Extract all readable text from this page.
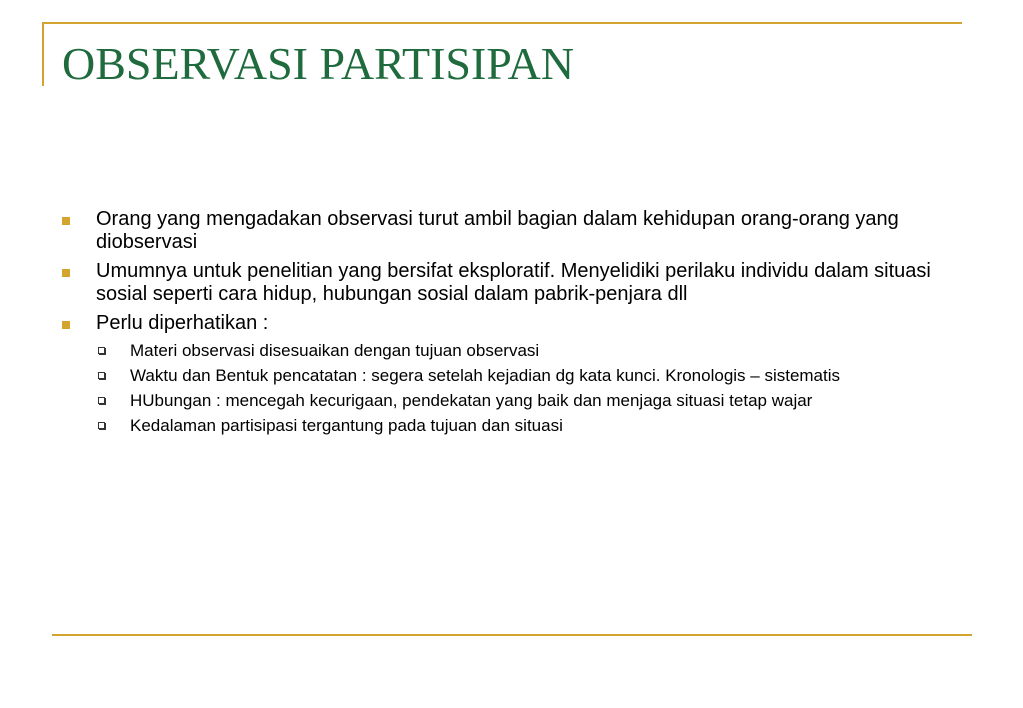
OBSERVASI PARTISIPAN
Orang yang mengadakan observasi turut ambil bagian dalam kehidupan orang-orang yang diobservasi
Umumnya untuk penelitian yang bersifat eksploratif. Menyelidiki perilaku individu dalam situasi sosial seperti cara hidup, hubungan sosial dalam pabrik-penjara dll
Perlu diperhatikan :
Materi observasi disesuaikan dengan tujuan observasi
Waktu dan Bentuk pencatatan : segera setelah kejadian dg kata kunci. Kronologis – sistematis
HUbungan : mencegah kecurigaan, pendekatan yang baik dan menjaga situasi tetap wajar
Kedalaman partisipasi tergantung pada tujuan dan situasi
